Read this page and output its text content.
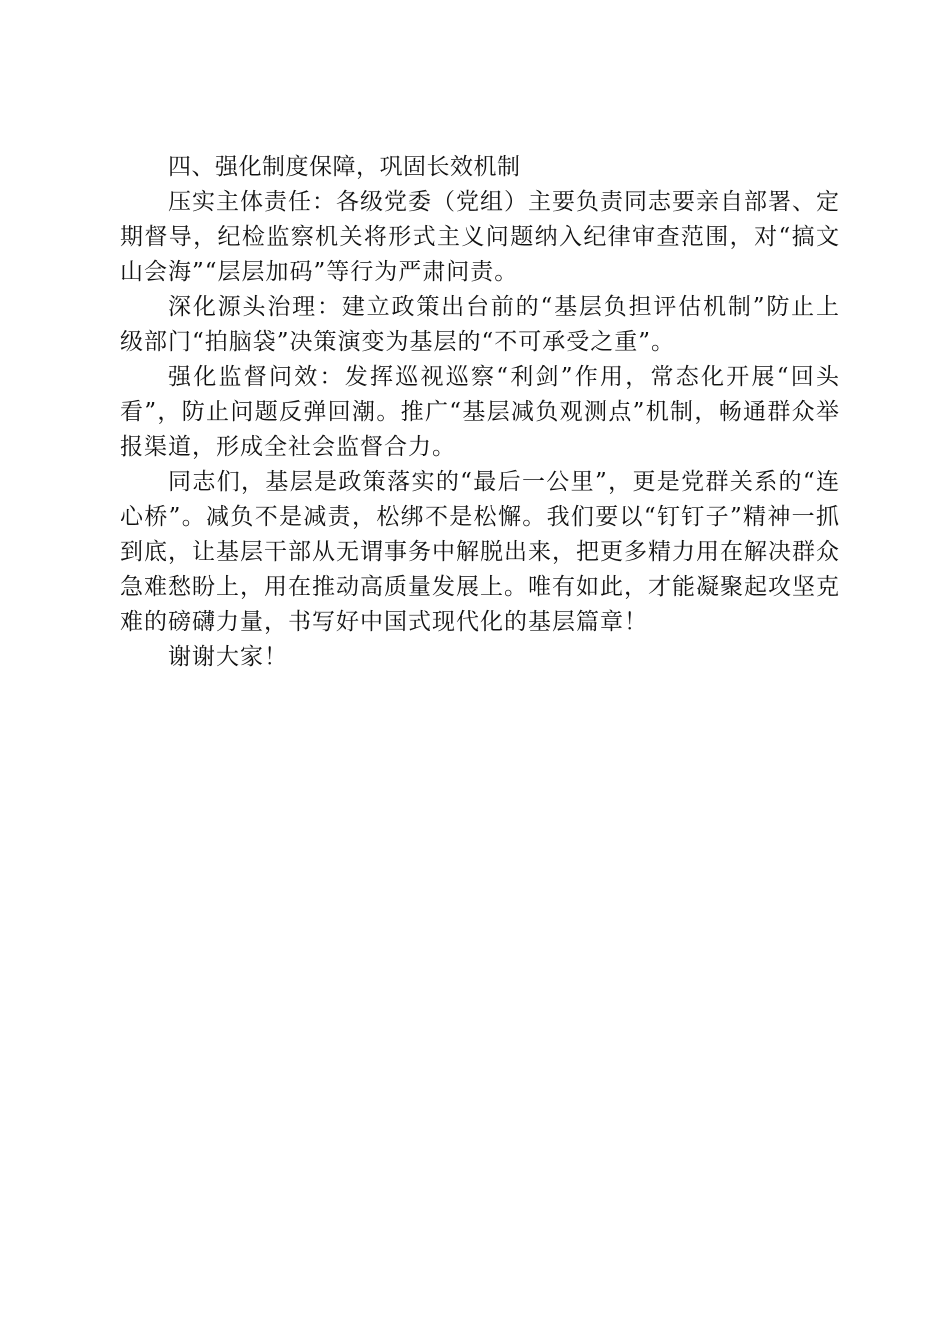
四、强化制度保障，巩固长效机制

压实主体责任：各级党委（党组）主要负责同志要亲自部署、定期督导，纪检监察机关将形式主义问题纳入纪律审查范围，对“搞文山会海”“层层加码”等行为严肃问责。

深化源头治理：建立政策出台前的“基层负担评估机制”防止上级部门“拍脑袋”决策演变为基层的“不可承受之重”。

强化监督问效：发挥巡视巡察“利剑”作用，常态化开展“回头看”，防止问题反弹回潮。推广“基层减负观测点”机制，畅通群众举报渠道，形成全社会监督合力。

同志们，基层是政策落实的“最后一公里”，更是党群关系的“连心桥”。减负不是减责，松绑不是松懈。我们要以“钉钉子”精神一抓到底，让基层干部从无谓事务中解脱出来，把更多精力用在解决群众急难愁盼上，用在推动高质量发展上。唯有如此，才能凝聚起攻坚克难的磅礴力量，书写好中国式现代化的基层篇章！

谢谢大家！
